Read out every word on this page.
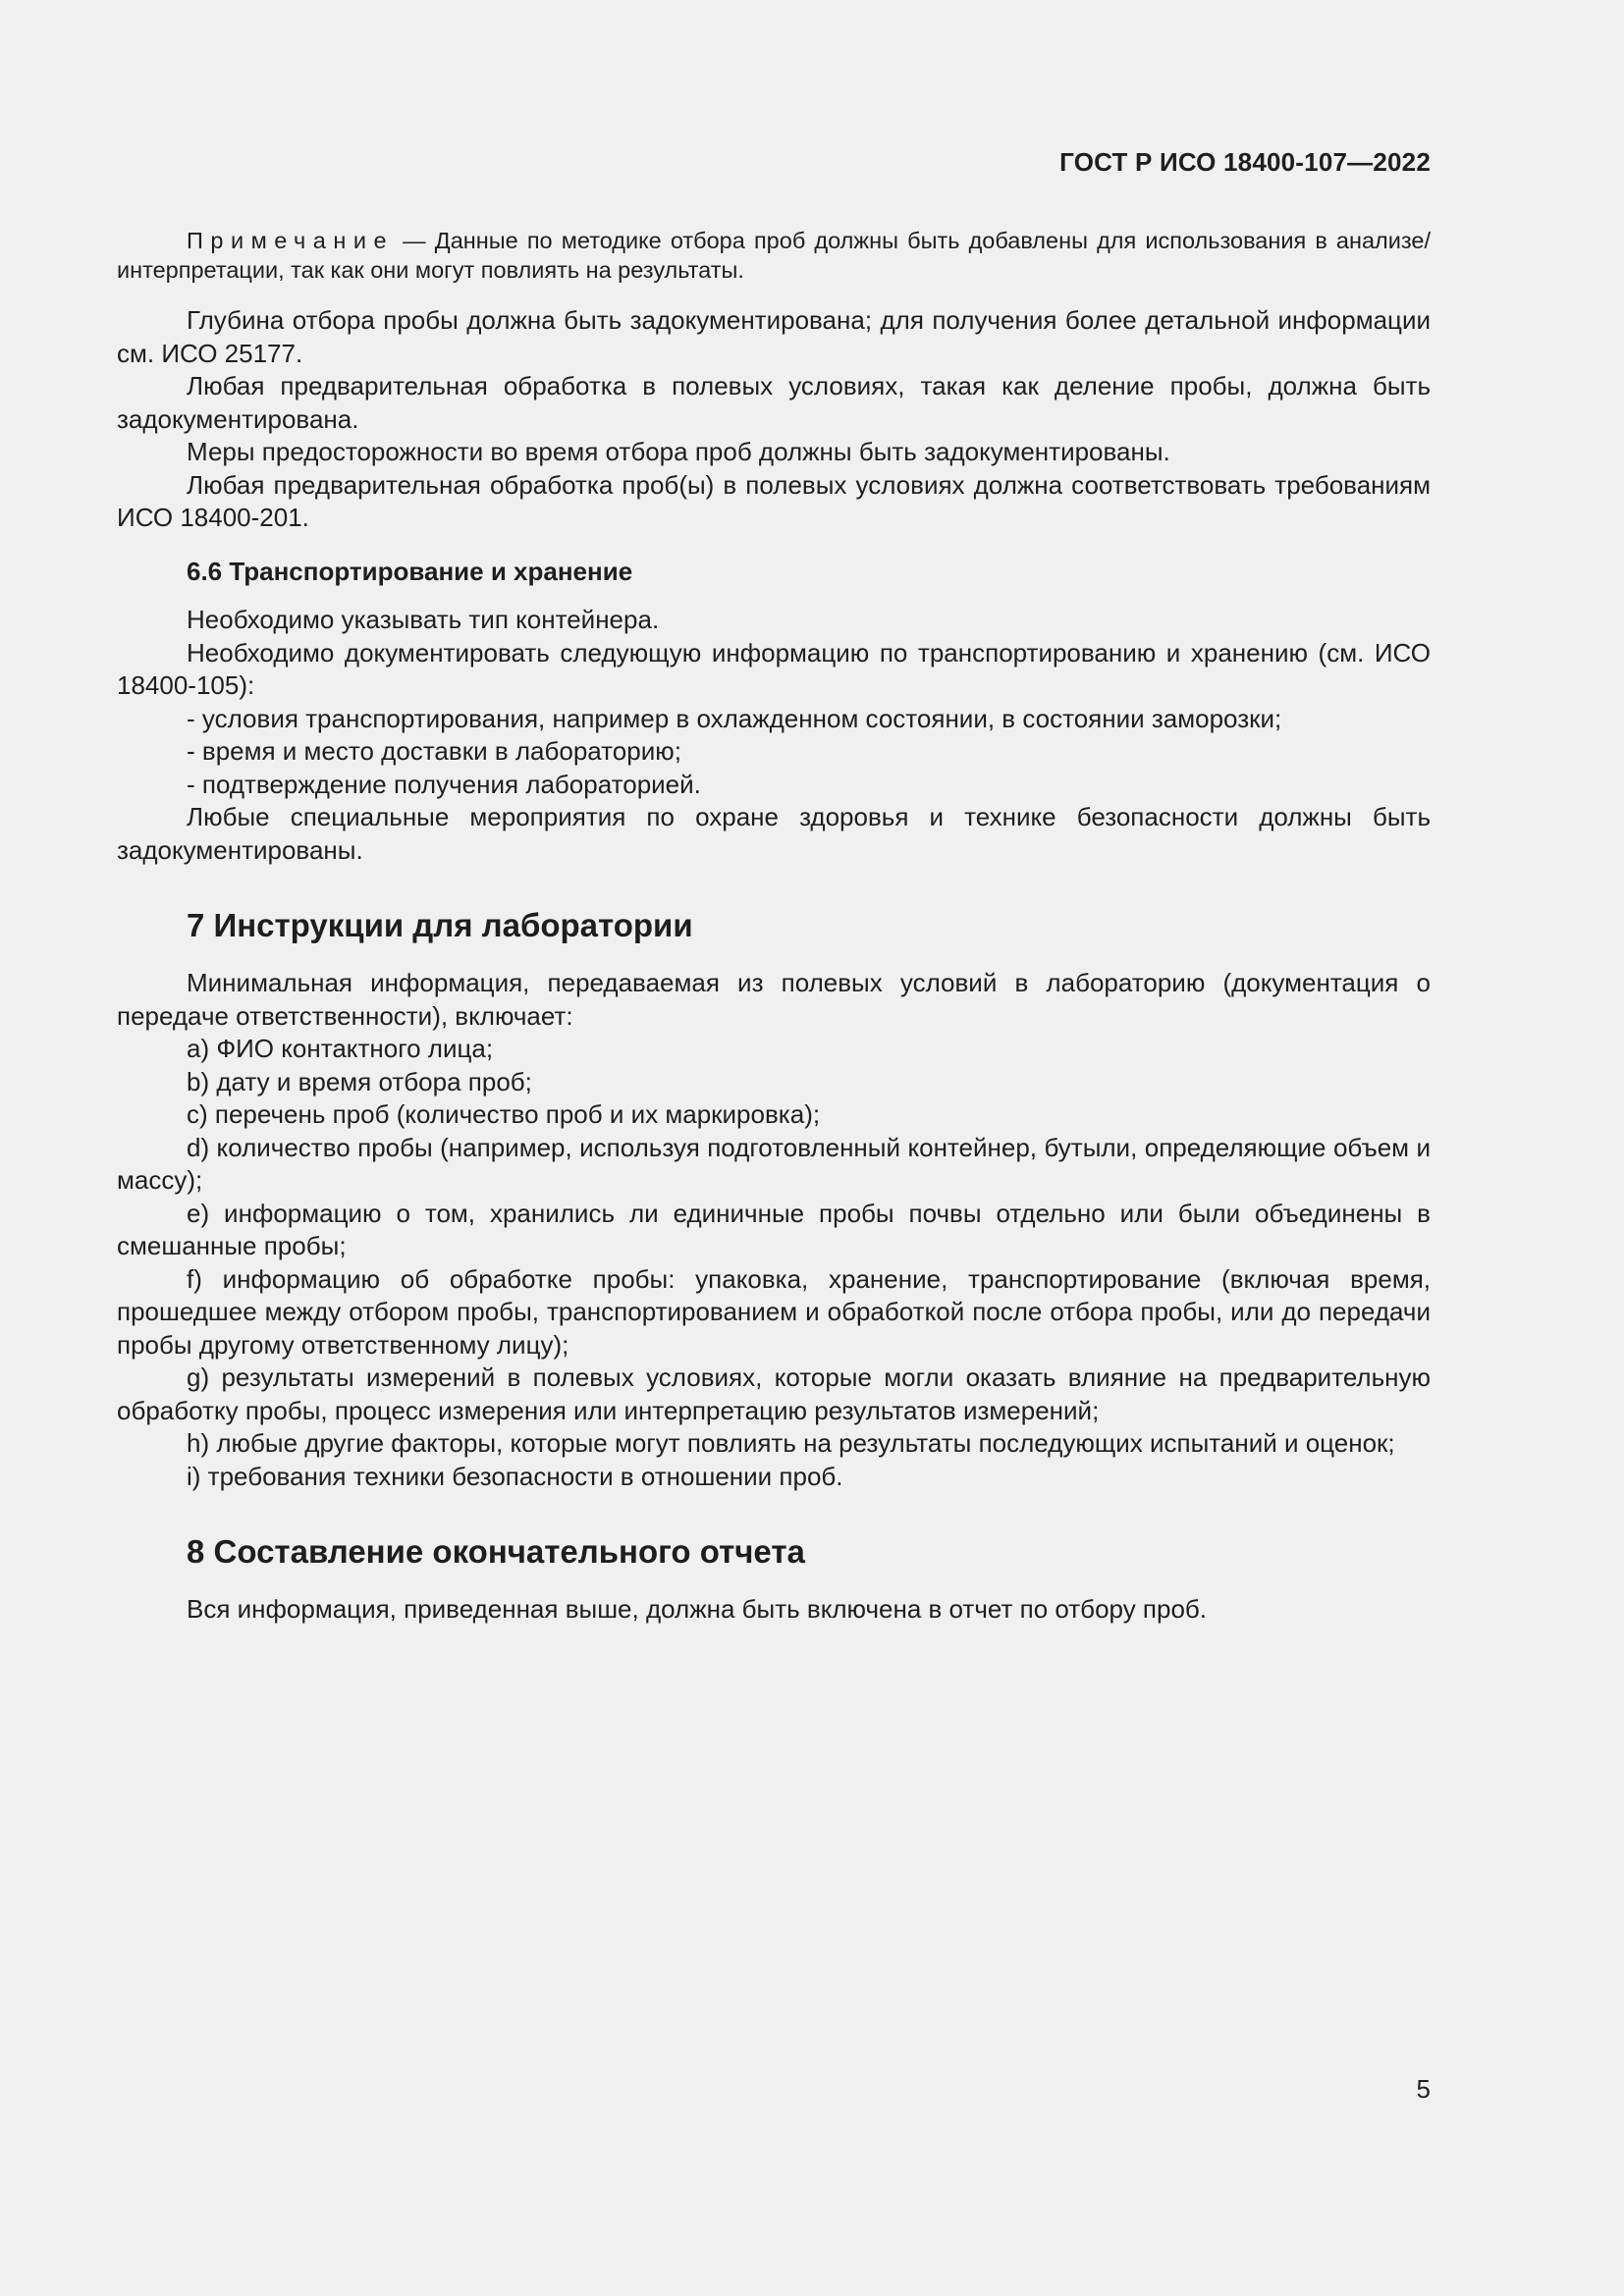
ГОСТ Р ИСО 18400-107—2022

Примечание — Данные по методике отбора проб должны быть добавлены для использования в анализе/интерпретации, так как они могут повлиять на результаты.

Глубина отбора пробы должна быть задокументирована; для получения более детальной информации см. ИСО 25177.

Любая предварительная обработка в полевых условиях, такая как деление пробы, должна быть задокументирована.

Меры предосторожности во время отбора проб должны быть задокументированы.

Любая предварительная обработка проб(ы) в полевых условиях должна соответствовать требованиям ИСО 18400-201.

6.6 Транспортирование и хранение

Необходимо указывать тип контейнера.

Необходимо документировать следующую информацию по транспортированию и хранению (см. ИСО 18400-105):

- условия транспортирования, например в охлажденном состоянии, в состоянии заморозки;
- время и место доставки в лабораторию;
- подтверждение получения лабораторией.

Любые специальные мероприятия по охране здоровья и технике безопасности должны быть задокументированы.

7 Инструкции для лаборатории

Минимальная информация, передаваемая из полевых условий в лабораторию (документация о передаче ответственности), включает:

a) ФИО контактного лица;

b) дату и время отбора проб;

c) перечень проб (количество проб и их маркировка);

d) количество пробы (например, используя подготовленный контейнер, бутыли, определяющие объем и массу);

e) информацию о том, хранились ли единичные пробы почвы отдельно или были объединены в смешанные пробы;

f) информацию об обработке пробы: упаковка, хранение, транспортирование (включая время, прошедшее между отбором пробы, транспортированием и обработкой после отбора пробы, или до передачи пробы другому ответственному лицу);

g) результаты измерений в полевых условиях, которые могли оказать влияние на предварительную обработку пробы, процесс измерения или интерпретацию результатов измерений;

h) любые другие факторы, которые могут повлиять на результаты последующих испытаний и оценок;

i) требования техники безопасности в отношении проб.

8 Составление окончательного отчета

Вся информация, приведенная выше, должна быть включена в отчет по отбору проб.

5
